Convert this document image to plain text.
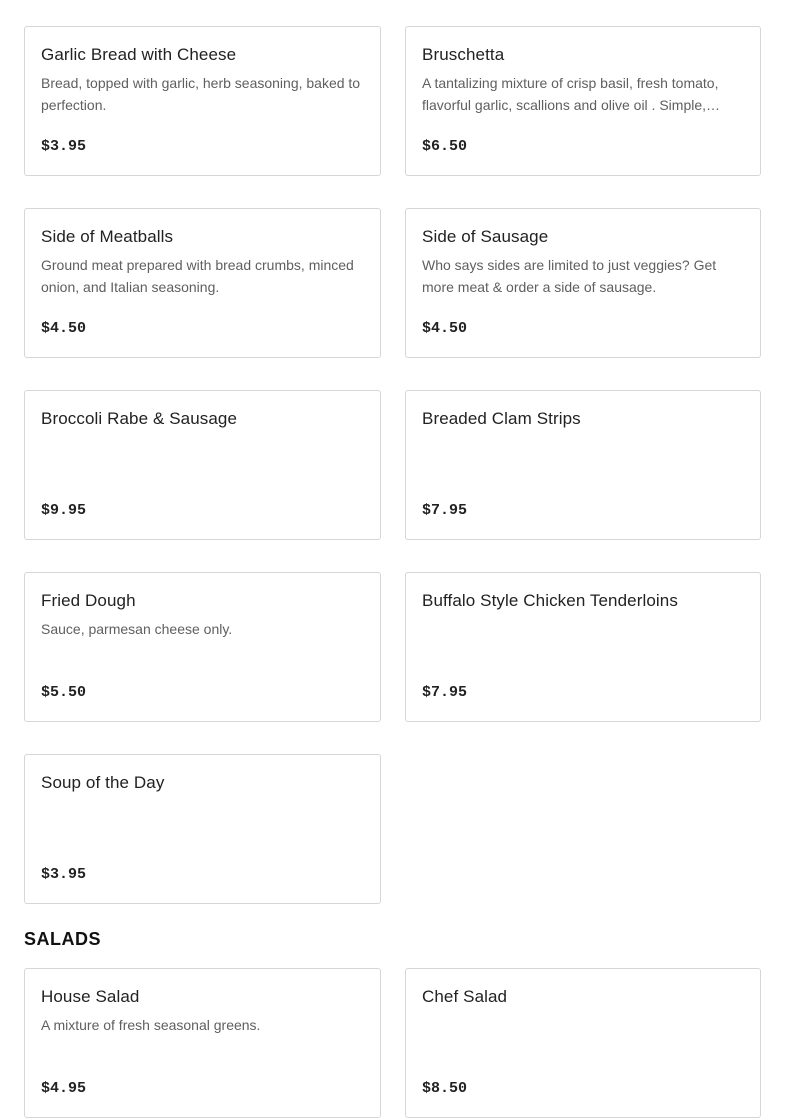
Garlic Bread with Cheese
Bread, topped with garlic, herb seasoning, baked to perfection.
$3.95
Bruschetta
A tantalizing mixture of crisp basil, fresh tomato, flavorful garlic, scallions and olive oil . Simple,…
$6.50
Side of Meatballs
Ground meat prepared with bread crumbs, minced onion, and Italian seasoning.
$4.50
Side of Sausage
Who says sides are limited to just veggies? Get more meat & order a side of sausage.
$4.50
Broccoli Rabe & Sausage
$9.95
Breaded Clam Strips
$7.95
Fried Dough
Sauce, parmesan cheese only.
$5.50
Buffalo Style Chicken Tenderloins
$7.95
Soup of the Day
$3.95
SALADS
House Salad
A mixture of fresh seasonal greens.
$4.95
Chef Salad
$8.50
